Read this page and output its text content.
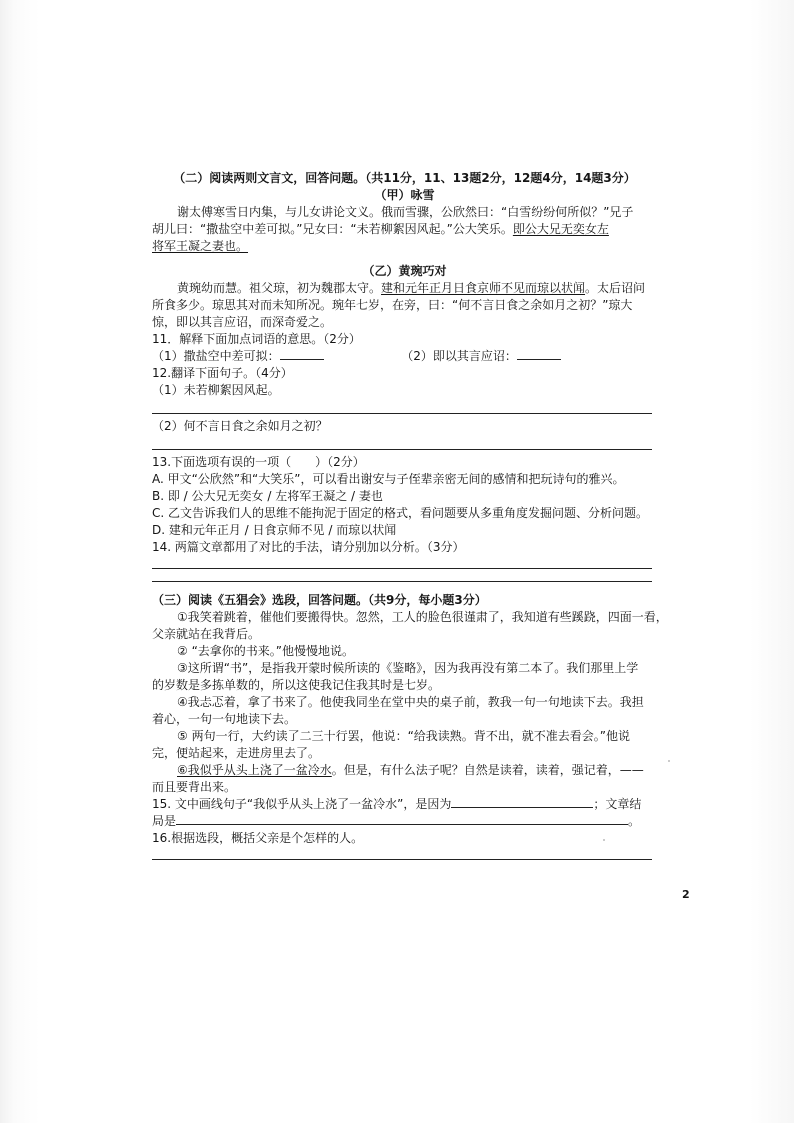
（二）阅读两则文言文，回答问题。（共11分，11、13题2分，12题4分，14题3分）
（甲）咏雪
谢太傅寒雪日内集，与儿女讲论文义。俄而雪骤，公欣然曰：“白雪纷纷何所似？”兄子
胡儿曰：“撒盐空中差可拟。”兄女曰：“未若柳絮因风起。”公大笑乐。即公大兄无奕女左
将军王凝之妻也。
（乙）黄琬巧对
黄琬幼而慧。祖父琼，初为魏郡太守。建和元年正月日食京师不见而琼以状闻。太后诏问
所食多少。琼思其对而未知所况。琬年七岁，在旁，曰：“何不言日食之余如月之初？”琼大
惊，即以其言应诏，而深奇爱之。
11．解释下面加点词语的意思。（2分）
（1）撒盐空中差可拟：	（2）即以其言应诏：
12.翻译下面句子。（4分）
（1）未若柳絮因风起。
（2）何不言日食之余如月之初？
13.下面选项有误的一项（　　）（2分）
A. 甲文“公欣然”和“大笑乐”，可以看出谢安与子侄辈亲密无间的感情和把玩诗句的雅兴。
B. 即 / 公大兄无奕女 / 左将军王凝之 / 妻也
C. 乙文告诉我们人的思维不能拘泥于固定的格式，看问题要从多重角度发掘问题、分析问题。
D. 建和元年正月 / 日食京师不见 / 而琼以状闻
14. 两篇文章都用了对比的手法，请分别加以分析。（3分）
（三）阅读《五猖会》选段，回答问题。（共9分，每小题3分）
①我笑着跳着，催他们要搬得快。忽然，工人的脸色很谨肃了，我知道有些蹊跷，四面一看，
父亲就站在我背后。
② “去拿你的书来。”他慢慢地说。
③这所谓“书”，是指我开蒙时候所读的《鉴略》，因为我再没有第二本了。我们那里上学
的岁数是多拣单数的，所以这使我记住我其时是七岁。
④我忐忑着，拿了书来了。他使我同坐在堂中央的桌子前，教我一句一句地读下去。我担
着心，一句一句地读下去。
⑤ 两句一行，大约读了二三十行罢，他说：“给我读熟。背不出，就不准去看会。”他说
完，便站起来，走进房里去了。
⑥我似乎从头上浇了一盆冷水。但是，有什么法子呢？自然是读着，读着，强记着，——
而且要背出来。
15. 文中画线句子“我似乎从头上浇了一盆冷水”，是因为	；文章结
局是	。
16.根据选段，概括父亲是个怎样的人。
2
